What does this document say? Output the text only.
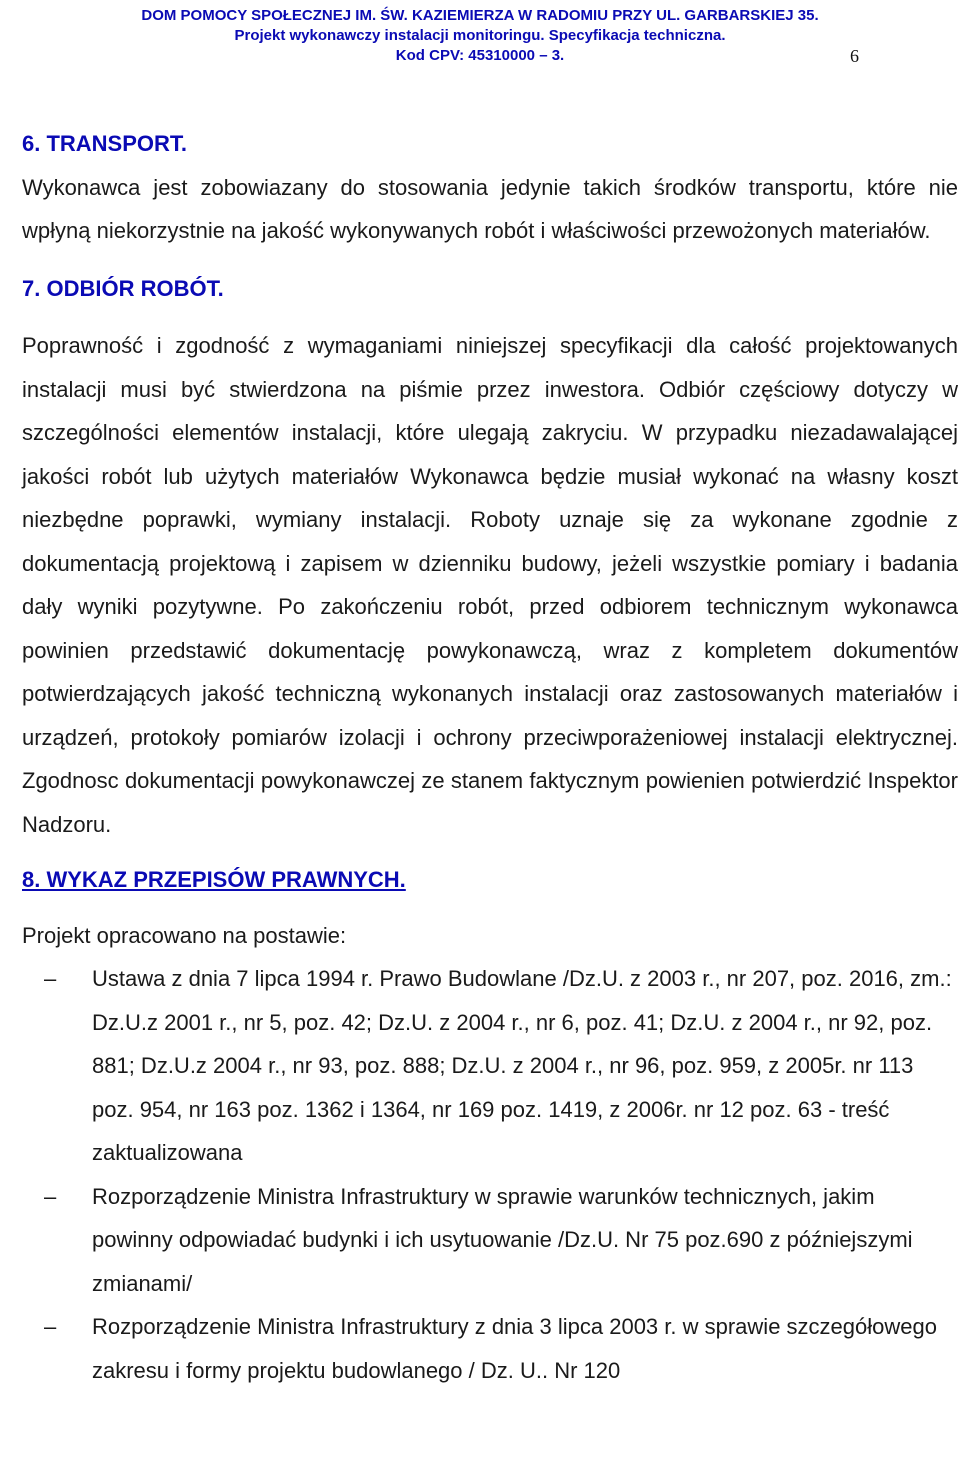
DOM POMOCY SPOŁECZNEJ IM. ŚW. KAZIEMIERZA W RADOMIU PRZY UL. GARBARSKIEJ 35.
Projekt wykonawczy instalacji monitoringu. Specyfikacja techniczna.
Kod CPV: 45310000 – 3.	6
6. TRANSPORT.

Wykonawca jest zobowiazany do stosowania jedynie takich środków transportu, które nie wpłyną niekorzystnie na jakość wykonywanych robót i właściwości przewożonych materiałów.

7. ODBIÓR ROBÓT.

Poprawność i zgodność z wymaganiami niniejszej specyfikacji dla całość projektowanych instalacji musi być stwierdzona na piśmie przez inwestora. Odbiór częściowy dotyczy w szczególności elementów instalacji, które ulegają zakryciu. W przypadku niezadawalającej jakości robót lub użytych materiałów Wykonawca będzie musiał wykonać na własny koszt niezbędne poprawki, wymiany instalacji. Roboty uznaje się za wykonane zgodnie z dokumentacją projektową i zapisem w dzienniku budowy, jeżeli wszystkie pomiary i badania dały wyniki pozytywne. Po zakończeniu robót, przed odbiorem technicznym wykonawca powinien przedstawić dokumentację powykonawczą, wraz z kompletem dokumentów potwierdzających jakość techniczną wykonanych instalacji oraz zastosowanych materiałów i urządzeń, protokoły pomiarów izolacji i ochrony przeciwporażeniowej instalacji elektrycznej. Zgodnosc dokumentacji powykonawczej ze stanem faktycznym powienien potwierdzić Inspektor Nadzoru.

8. WYKAZ PRZEPISÓW PRAWNYCH.

Projekt opracowano na postawie:

– Ustawa z dnia 7 lipca 1994 r. Prawo Budowlane /Dz.U. z 2003 r., nr 207, poz. 2016, zm.: Dz.U.z 2001 r., nr 5, poz. 42; Dz.U. z 2004 r., nr 6, poz. 41; Dz.U. z 2004 r., nr 92, poz. 881; Dz.U.z 2004 r., nr 93, poz. 888; Dz.U. z 2004 r., nr 96, poz. 959, z 2005r. nr 113 poz. 954, nr 163 poz. 1362 i 1364, nr 169 poz. 1419, z 2006r. nr 12 poz. 63 - treść zaktualizowana
– Rozporządzenie Ministra Infrastruktury w sprawie warunków technicznych, jakim powinny odpowiadać budynki i ich usytuowanie /Dz.U. Nr 75 poz.690 z późniejszymi zmianami/
– Rozporządzenie Ministra Infrastruktury z dnia 3 lipca 2003 r. w sprawie szczegółowego zakresu i formy projektu budowlanego / Dz. U.. Nr 120
